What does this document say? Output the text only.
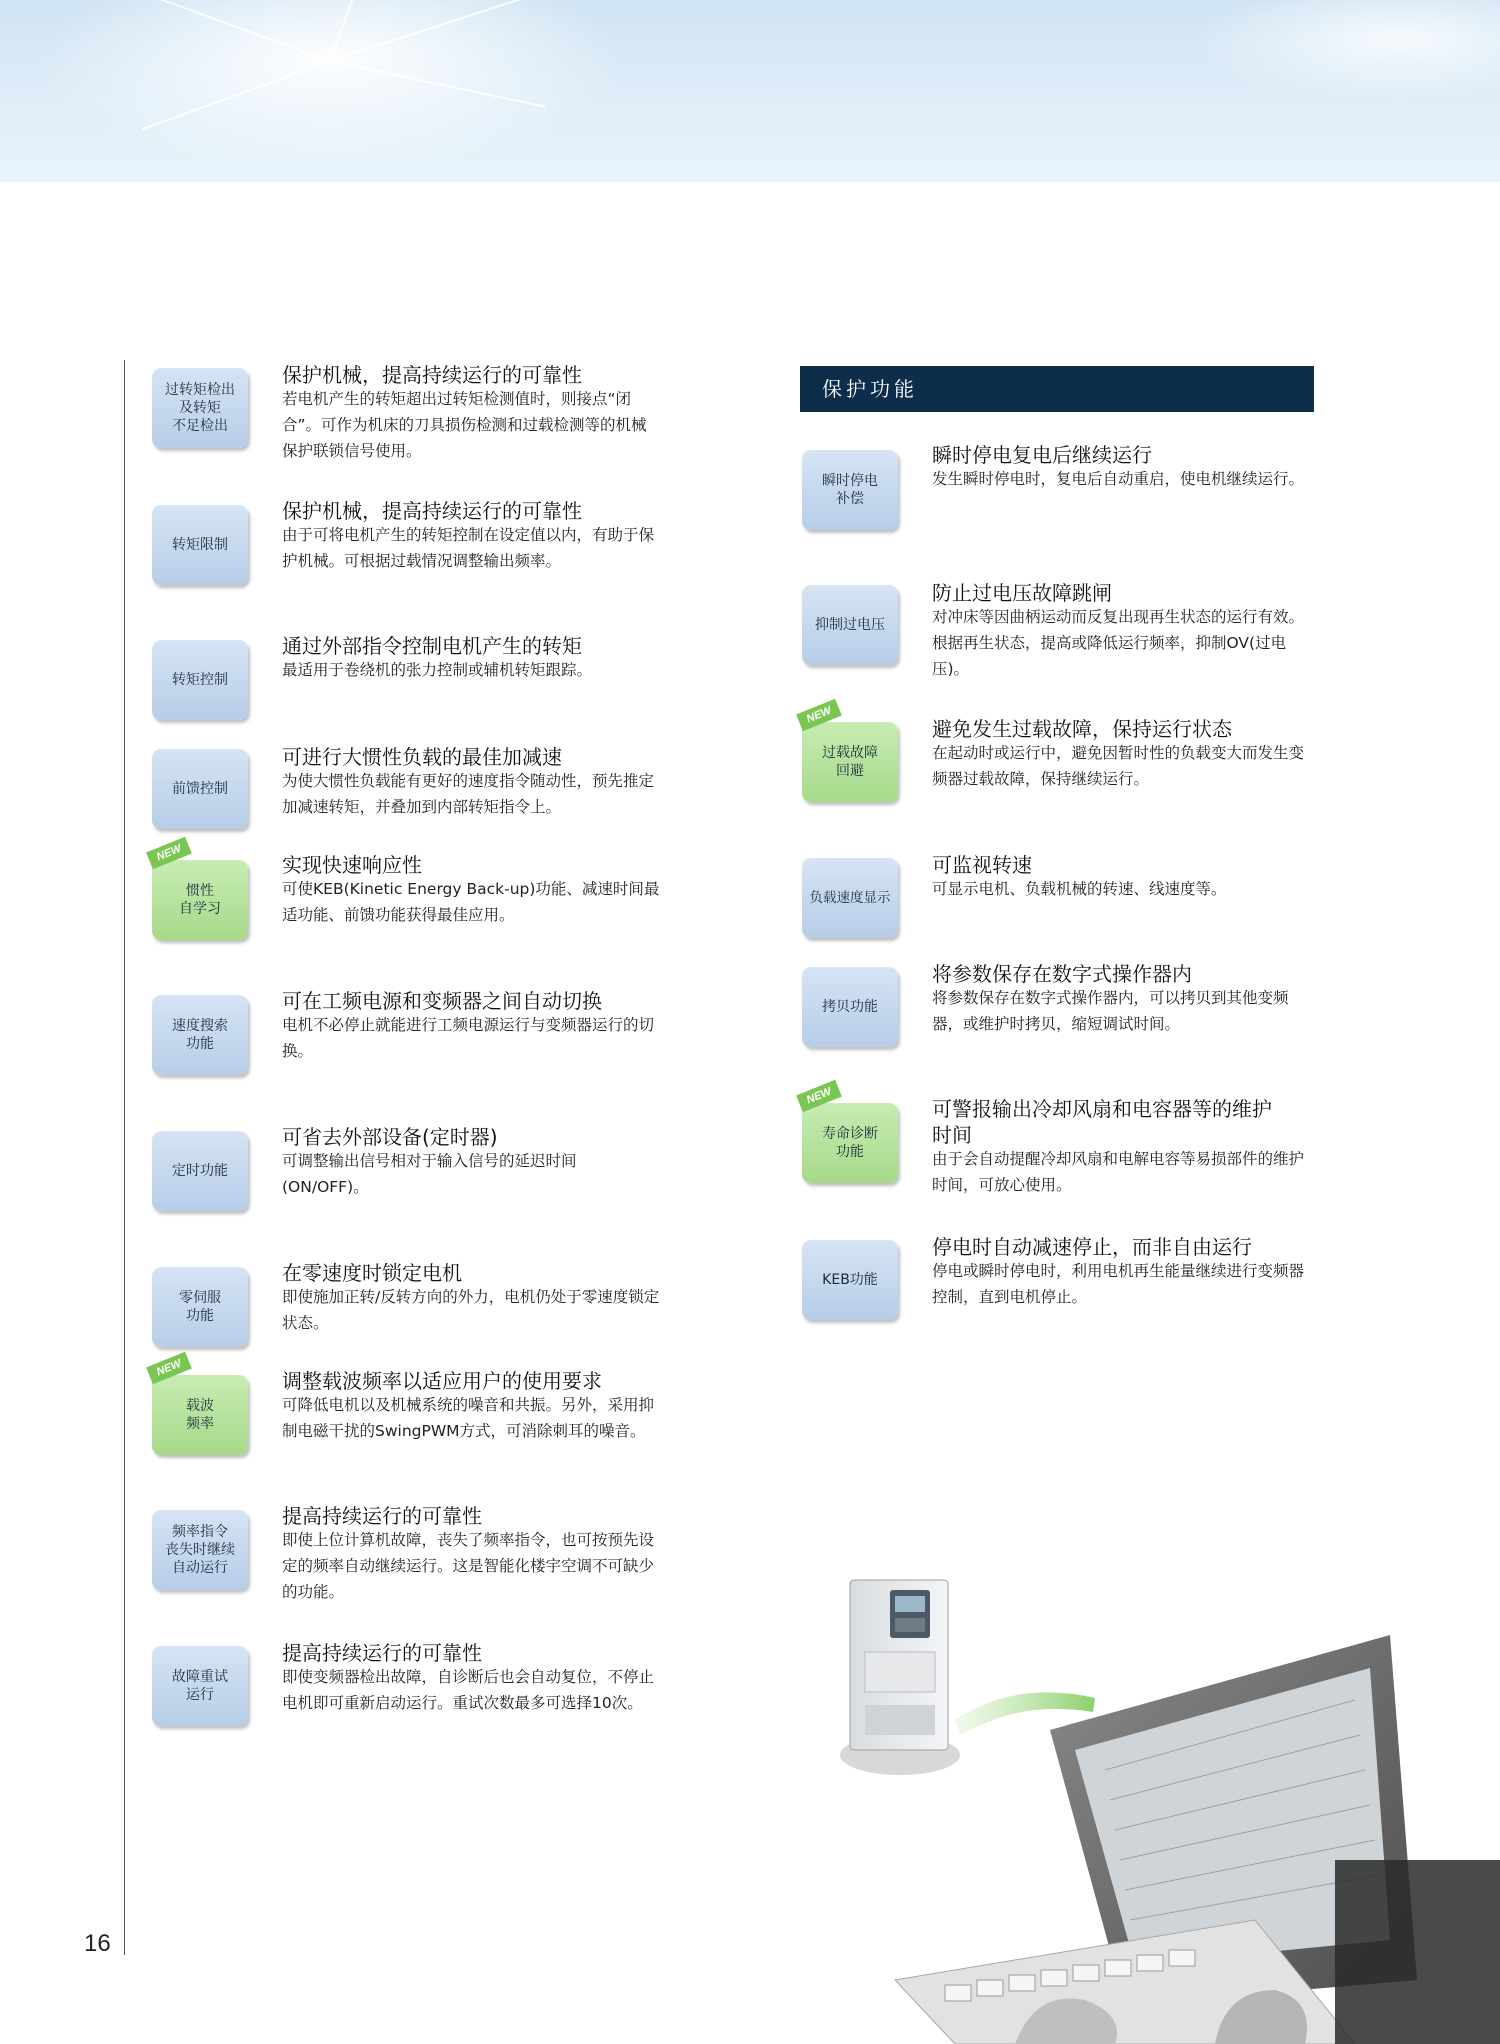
16
保护功能
过转矩检出
及转矩
不足检出
保护机械，提高持续运行的可靠性
若电机产生的转矩超出过转矩检测值时，则接点“闭合”。可作为机床的刀具损伤检测和过载检测等的机械保护联锁信号使用。
转矩限制
保护机械，提高持续运行的可靠性
由于可将电机产生的转矩控制在设定值以内，有助于保护机械。可根据过载情况调整输出频率。
转矩控制
通过外部指令控制电机产生的转矩
最适用于卷绕机的张力控制或辅机转矩跟踪。
前馈控制
可进行大惯性负载的最佳加减速
为使大惯性负载能有更好的速度指令随动性，预先推定加减速转矩，并叠加到内部转矩指令上。
惯性
自学习
NEW	实现快速响应性
可使KEB(Kinetic Energy Back-up)功能、减速时间最适功能、前馈功能获得最佳应用。
速度搜索
功能
可在工频电源和变频器之间自动切换
电机不必停止就能进行工频电源运行与变频器运行的切换。
定时功能
可省去外部设备(定时器)
可调整输出信号相对于输入信号的延迟时间(ON/OFF)。
零伺服
功能
在零速度时锁定电机
即使施加正转/反转方向的外力，电机仍处于零速度锁定状态。
载波
频率
NEW
调整载波频率以适应用户的使用要求
可降低电机以及机械系统的噪音和共振。另外，采用抑制电磁干扰的SwingPWM方式，可消除刺耳的噪音。
频率指令
丧失时继续
自动运行
提高持续运行的可靠性
即使上位计算机故障，丧失了频率指令，也可按预先设定的频率自动继续运行。这是智能化楼宇空调不可缺少的功能。
故障重试
运行
提高持续运行的可靠性
即使变频器检出故障，自诊断后也会自动复位，不停止电机即可重新启动运行。重试次数最多可选择10次。
瞬时停电
补偿
瞬时停电复电后继续运行
发生瞬时停电时，复电后自动重启，使电机继续运行。
抑制过电压
防止过电压故障跳闸
对冲床等因曲柄运动而反复出现再生状态的运行有效。根据再生状态，提高或降低运行频率，抑制OV(过电压)。
过载故障
回避
NEW
避免发生过载故障，保持运行状态
在起动时或运行中，避免因暂时性的负载变大而发生变频器过载故障，保持继续运行。
负载速度显示
可监视转速
可显示电机、负载机械的转速、线速度等。
拷贝功能
将参数保存在数字式操作器内
将参数保存在数字式操作器内，可以拷贝到其他变频器，或维护时拷贝，缩短调试时间。
寿命诊断
功能
NEW
可警报输出冷却风扇和电容器等的维护
时间
由于会自动提醒冷却风扇和电解电容等易损部件的维护时间，可放心使用。
KEB功能
停电时自动减速停止，而非自由运行
停电或瞬时停电时，利用电机再生能量继续进行变频器控制，直到电机停止。
